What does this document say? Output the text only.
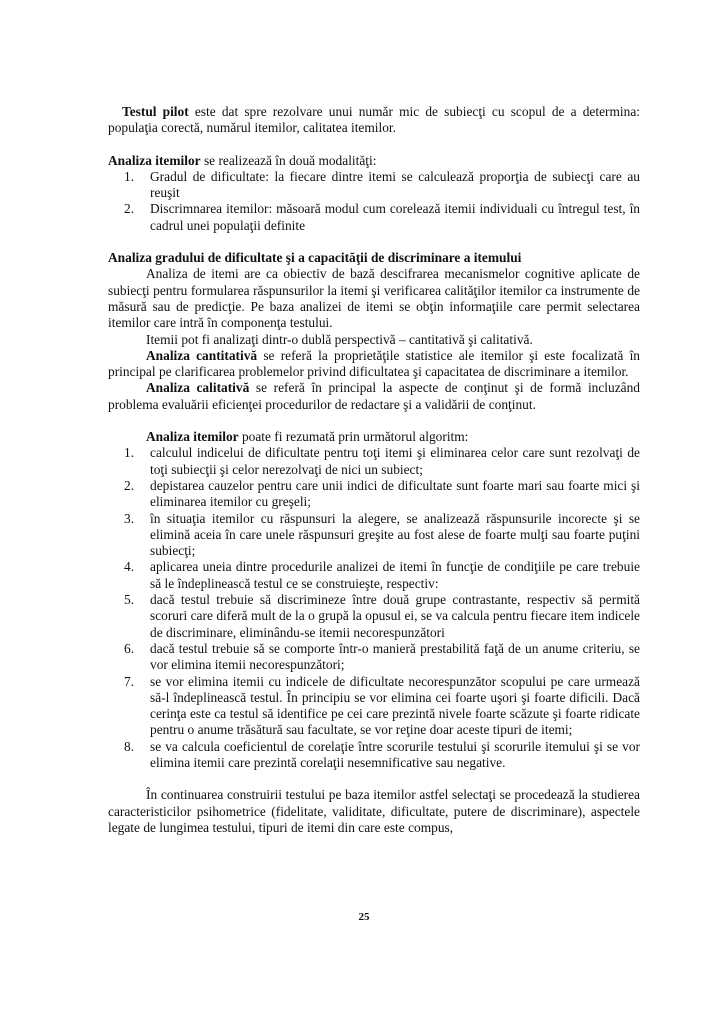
Testul pilot este dat spre rezolvare unui număr mic de subiecţi cu scopul de a determina: populaţia corectă, numărul itemilor, calitatea itemilor.

Analiza itemilor se realizează în două modalităţi:

1. Gradul de dificultate: la fiecare dintre itemi se calculează proporţia de subiecţi care au reuşit
2. Discrimnarea itemilor: măsoară modul cum corelează itemii individuali cu întregul test, în cadrul unei populaţii definite

Analiza gradului de dificultate şi a capacităţii de discriminare a itemului

Analiza de itemi are ca obiectiv de bază descifrarea mecanismelor cognitive aplicate de subiecţi pentru formularea răspunsurilor la itemi şi verificarea calităţilor itemilor ca instrumente de măsură sau de predicţie. Pe baza analizei de itemi se obţin informaţiile care permit selectarea itemilor care intră în componenţa testului.

Itemii pot fi analizaţi dintr-o dublă perspectivă – cantitativă şi calitativă.

Analiza cantitativă se referă la proprietăţile statistice ale itemilor şi este focalizată în principal pe clarificarea problemelor privind dificultatea şi capacitatea de discriminare a itemilor.

Analiza calitativă se referă în principal la aspecte de conţinut şi de formă incluzând problema evaluării eficienţei procedurilor de redactare şi a validării de conţinut.

Analiza itemilor poate fi rezumată prin următorul algoritm:

1. calculul indicelui de dificultate pentru toţi itemi şi eliminarea celor care sunt rezolvaţi de toţi subiecţii şi celor nerezolvaţi de nici un subiect;
2. depistarea cauzelor pentru care unii indici de dificultate sunt foarte mari sau foarte mici şi eliminarea itemilor cu greşeli;
3. în situaţia itemilor cu răspunsuri la alegere, se analizează răspunsurile incorecte şi se elimină aceia în care unele răspunsuri greşite au fost alese de foarte mulţi sau foarte puţini subiecţi;
4. aplicarea uneia dintre procedurile analizei de itemi în funcţie de condiţiile pe care trebuie să le îndeplinească testul ce se construieşte, respectiv:
5. dacă testul trebuie să discrimineze între două grupe contrastante, respectiv să permită scoruri care diferă mult de la o grupă la opusul ei, se va calcula pentru fiecare item indicele de discriminare, eliminându-se itemii necorespunzători
6. dacă testul trebuie să se comporte într-o manieră prestabilită faţă de un anume criteriu, se vor elimina itemii necorespunzători;
7. se vor elimina itemii cu indicele de dificultate necorespunzător scopului pe care urmează să-l îndeplinească testul. În principiu se vor elimina cei foarte uşori şi foarte dificili. Dacă cerinţa este ca testul să identifice pe cei care prezintă nivele foarte scăzute şi foarte ridicate pentru o anume trăsătură sau facultate, se vor reţine doar aceste tipuri de itemi;
8. se va calcula coeficientul de corelaţie între scorurile testului şi scorurile itemului şi se vor elimina itemii care prezintă corelaţii nesemnificative sau negative.

În continuarea construirii testului pe baza itemilor astfel selectaţi se procedează la studierea caracteristicilor psihometrice (fidelitate, validitate, dificultate, putere de discriminare), aspectele legate de lungimea testului, tipuri de itemi din care este compus,

25
